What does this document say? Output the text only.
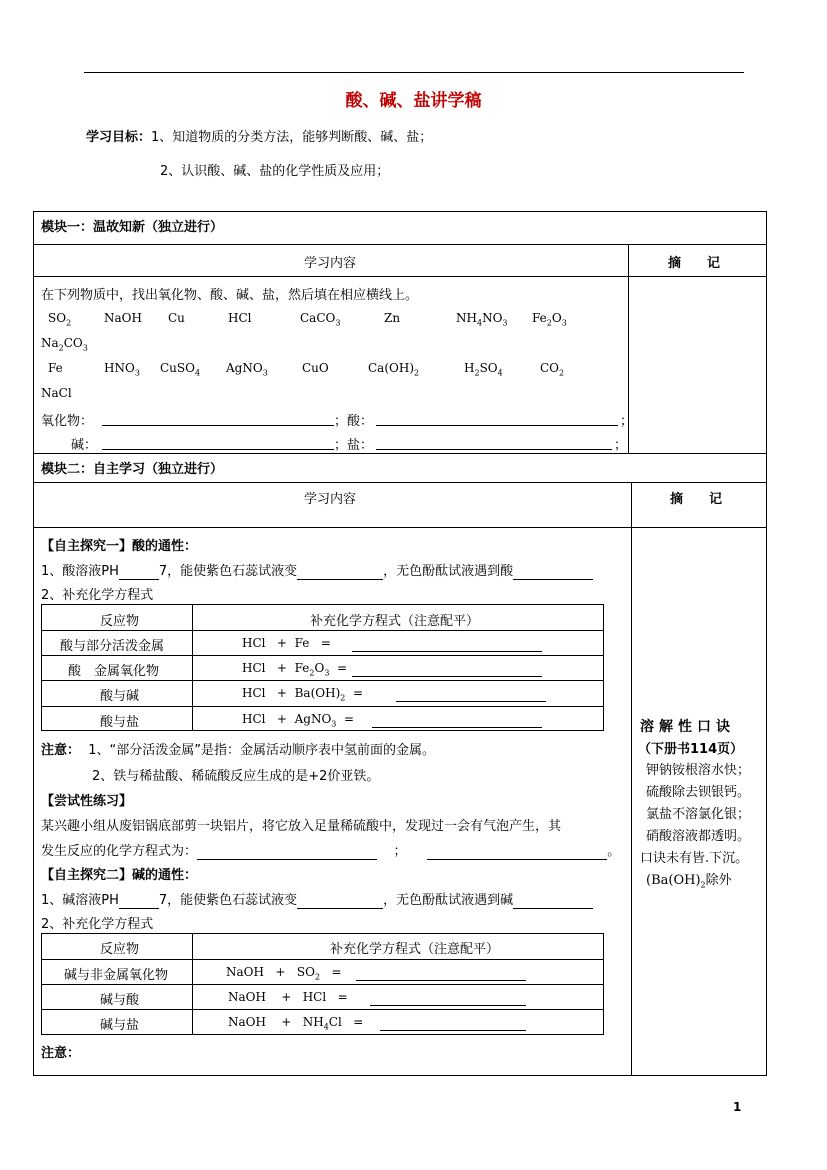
酸、碱、盐讲学稿
学习目标：1、知道物质的分类方法，能够判断酸、碱、盐；
2、认识酸、碱、盐的化学性质及应用；
模块一：温故知新（独立进行）
学习内容	摘　　记
在下列物质中，找出氧化物、酸、碱、盐，然后填在相应横线上。
$SO_2$	NaOH Cu	HCl	CaCO$_3$	Zn	$NH_4NO_3$ $Fe_2O_3$
$Na_2CO_3$
Fe	$HNO_3$ CuSO$_4$ AgNO$_3$	CuO	$Ca(OH)_2$	$H_2SO_4$	$CO_2$
NaCl
氧化物：	；酸：	；
碱：	；盐：	；
模块二：自主学习（独立进行）
学习内容	摘　　记
【自主探究一】酸的通性：
1、酸溶液PH	7，能使紫色石蕊试液变	，无色酚酞试液遇到酸
2、补充化学方程式
反应物	补充化学方程式（注意配平）
酸与部分活泼金属	HCl   +  Fe   =
酸　金属氧化物	HCl   +  $Fe_2O_3$  =
酸与碱	HCl   +  $Ba(OH)_2$  =
酸与盐	HCl   +  AgNO$_3$  =
注意： 1、“部分活泼金属”是指：金属活动顺序表中氢前面的金属。
2、铁与稀盐酸、稀硫酸反应生成的是+2价亚铁。
【尝试性练习】
某兴趣小组从废铝锅底部剪一块铝片，将它放入足量稀硫酸中，发现过一会有气泡产生，其
发生反应的化学方程式为：	；	。
【自主探究二】碱的通性：
1、碱溶液PH	7，能使紫色石蕊试液变	，无色酚酞试液遇到碱
2、补充化学方程式
反应物	补充化学方程式（注意配平）
碱与非金属氧化物	NaOH   +   $SO_2$   =
碱与酸	NaOH    +   HCl   =
碱与盐	NaOH    +   $NH_4Cl$   =
注意：
溶解性口诀
（下册书114页）
钾钠铵根溶水快；
硫酸除去钡银钙。
氯盐不溶氯化银；
硝酸溶液都透明。
口诀未有皆.下沉。
($Ba(OH)_2$除外
1
